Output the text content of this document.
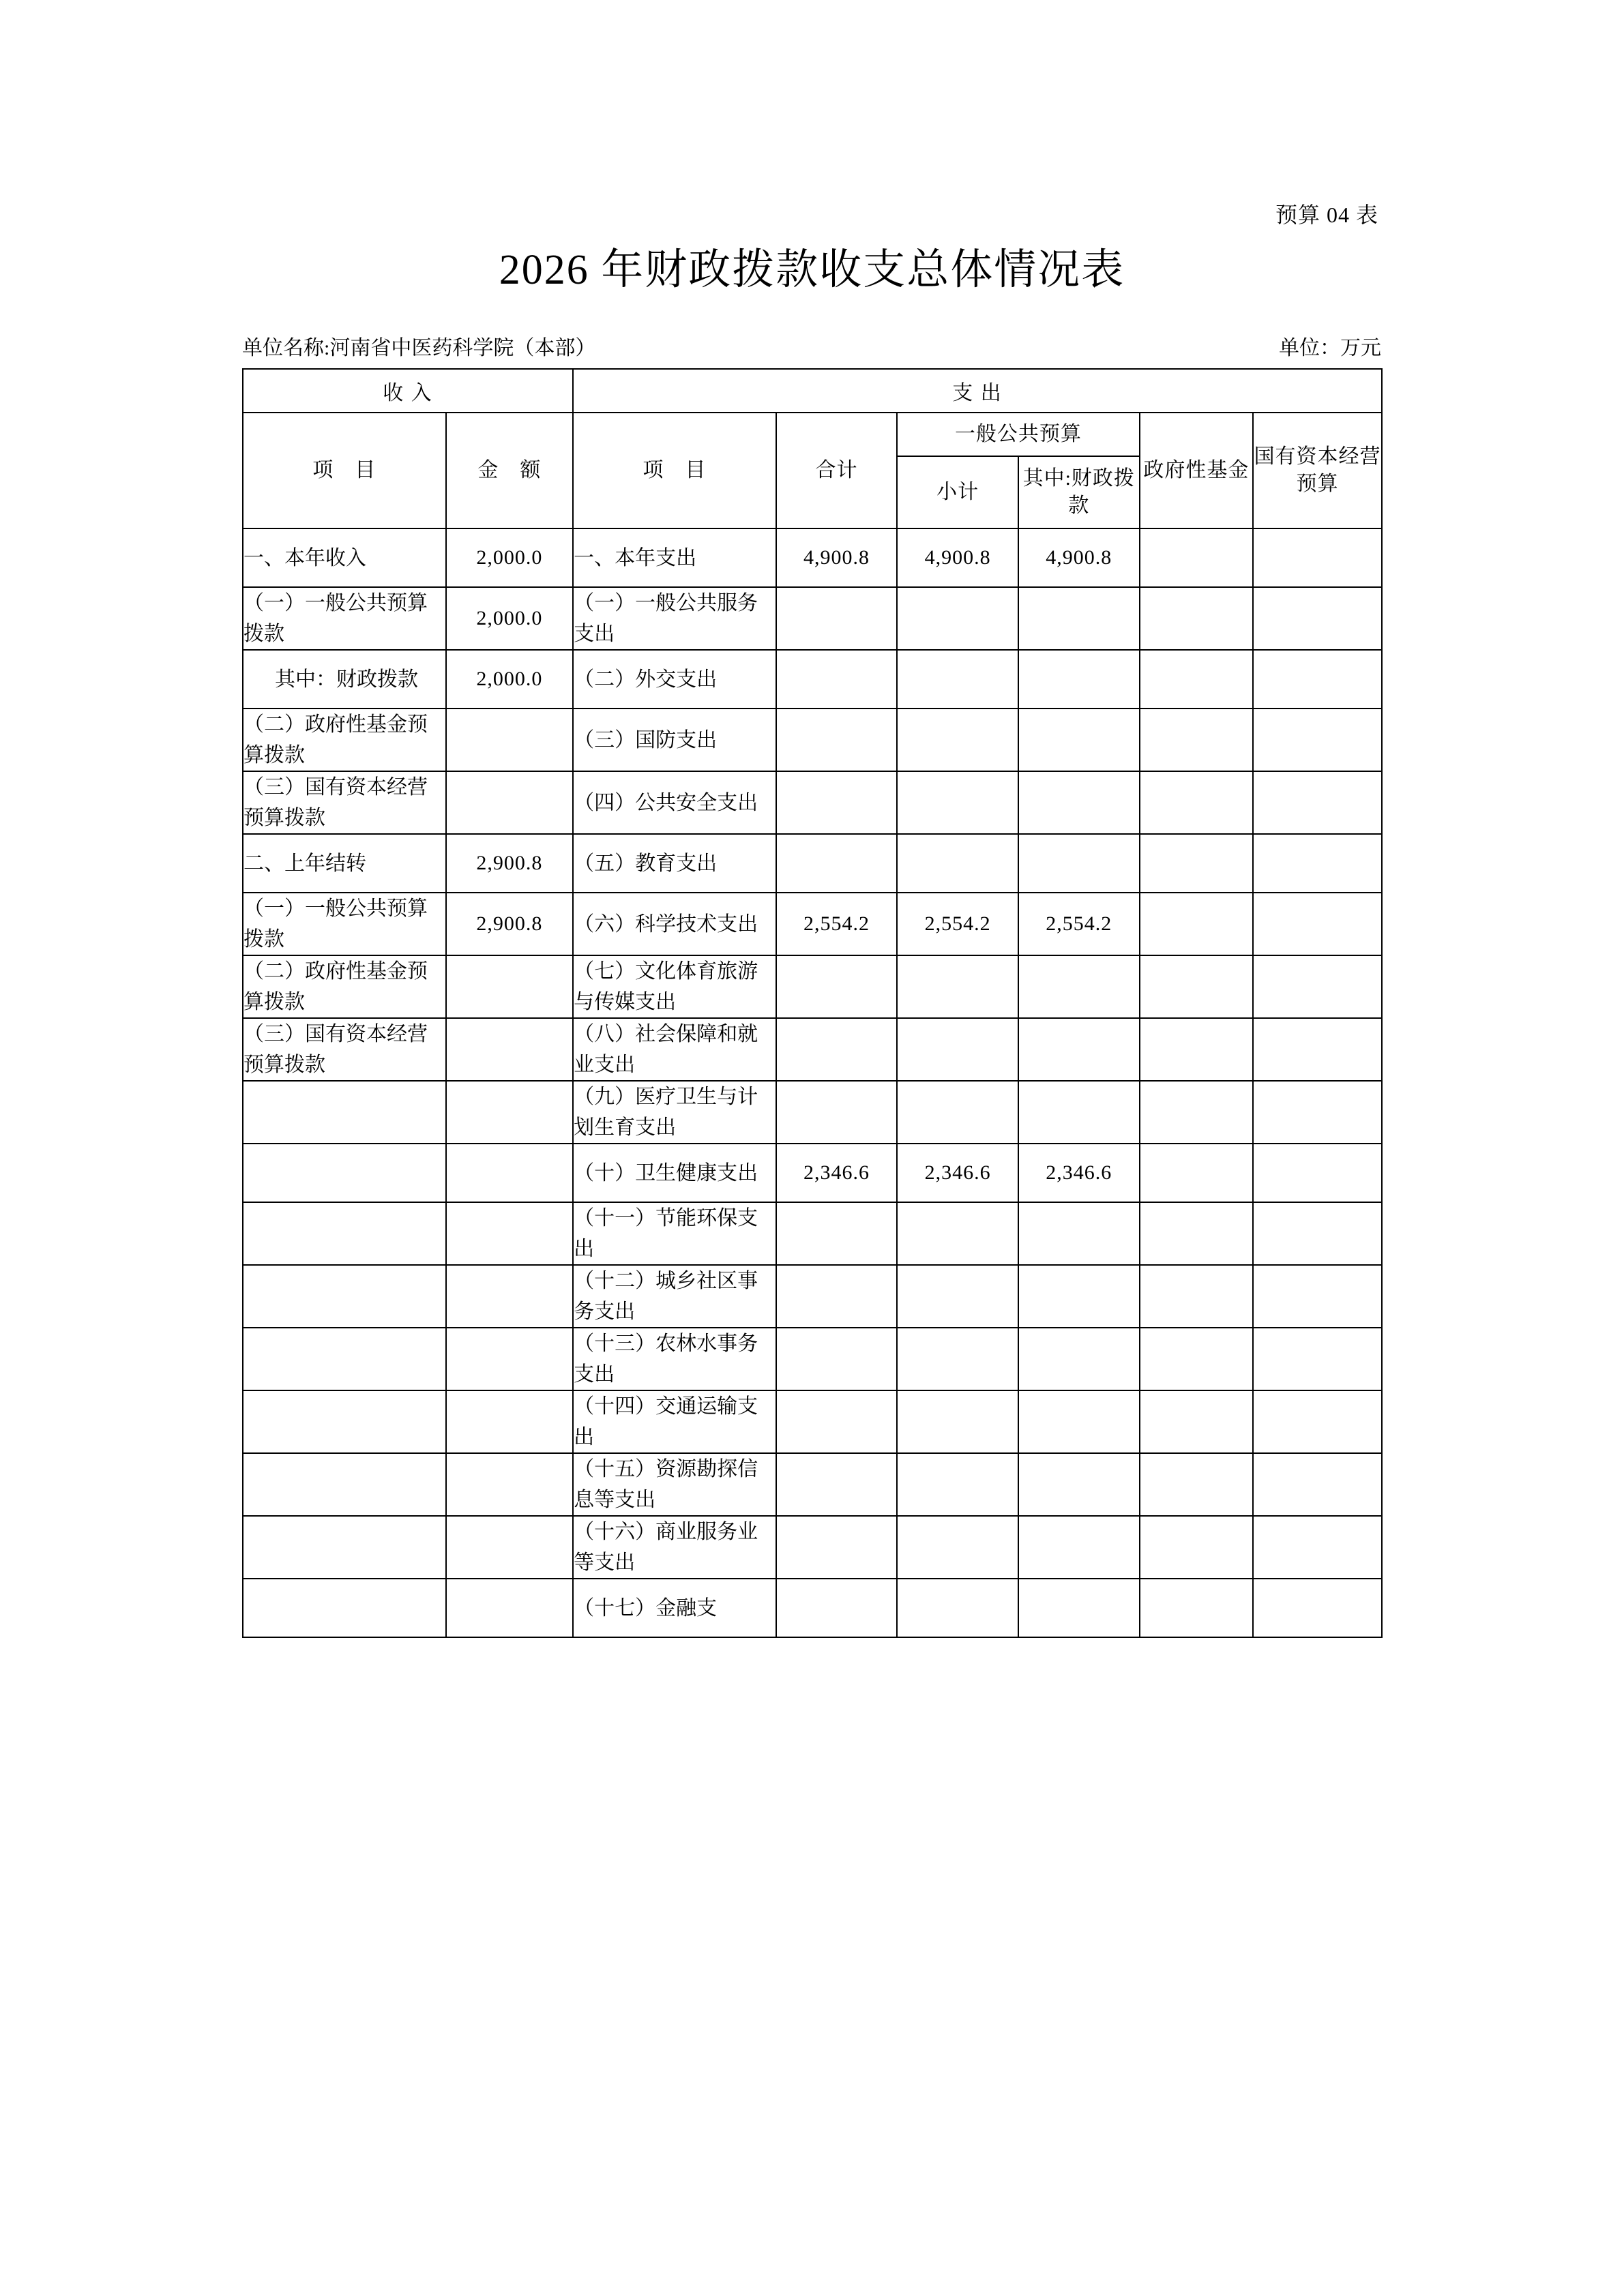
预算 04 表
2026 年财政拨款收支总体情况表
单位名称:河南省中医药科学院（本部）	单位：万元
收 入		支 出					
项　目	金　额	项　目	合计	一般公共预算		政府性基金	国有资本经营预算
				小计	其中:财政拨款		
一、本年收入	2,000.0	一、本年支出	4,900.8	4,900.8	4,900.8		
（一）一般公共预算拨款	2,000.0	（一）一般公共服务支出					
其中：财政拨款	2,000.0	（二）外交支出					
（二）政府性基金预算拨款		（三）国防支出					
（三）国有资本经营预算拨款		（四）公共安全支出					
二、上年结转	2,900.8	（五）教育支出					
（一）一般公共预算拨款	2,900.8	（六）科学技术支出	2,554.2	2,554.2	2,554.2		
（二）政府性基金预算拨款		（七）文化体育旅游与传媒支出					
（三）国有资本经营预算拨款		（八）社会保障和就业支出					
		（九）医疗卫生与计划生育支出					
		（十）卫生健康支出	2,346.6	2,346.6	2,346.6		
		（十一）节能环保支出					
		（十二）城乡社区事务支出					
		（十三）农林水事务支出					
		（十四）交通运输支出					
		（十五）资源勘探信息等支出					
		（十六）商业服务业等支出					
		（十七）金融支					
